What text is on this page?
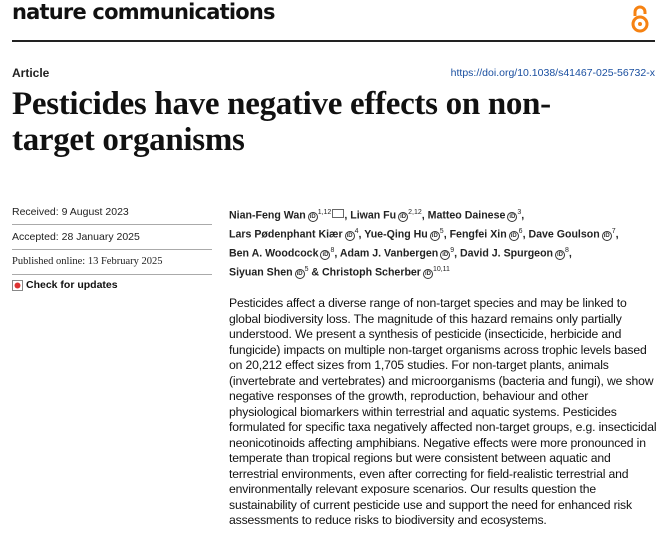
nature communications
Article	https://doi.org/10.1038/s41467-025-56732-x
Pesticides have negative effects on non-target organisms
Received: 9 August 2023
Accepted: 28 January 2025
Published online: 13 February 2025
Check for updates
Nian-Feng Wan iD$^{1,12}$ , Liwan Fu iD$^{2,12}$, Matteo Dainese $iD^3$,
Lars Pødenphant Kiær $iD^4$, Yue-Qing Hu $iD^5$, Fengfei Xin $iD^6$, Dave Goulson $iD^7$,
Ben A. Woodcock $iD^8$, Adam J. Vanbergen $iD^9$, David J. Spurgeon $iD^8$,
Siyuan Shen $iD^5$ & Christoph Scherber iD$^{10,11}$

Pesticides affect a diverse range of non-target species and may be linked to global biodiversity loss. The magnitude of this hazard remains only partially understood. We present a synthesis of pesticide (insecticide, herbicide and fungicide) impacts on multiple non-target organisms across trophic levels based on 20,212 effect sizes from 1,705 studies. For non-target plants, animals (invertebrate and vertebrates) and microorganisms (bacteria and fungi), we show negative responses of the growth, reproduction, behaviour and other physiological biomarkers within terrestrial and aquatic systems. Pesticides formulated for specific taxa negatively affected non-target groups, e.g. insecticidal neonicotinoids affecting amphibians. Negative effects were more pronounced in temperate than tropical regions but were consistent between aquatic and terrestrial environments, even after correcting for field-realistic terrestrial and environmentally relevant exposure scenarios. Our results question the sustainability of current pesticide use and support the need for enhanced risk assessments to reduce risks to biodiversity and ecosystems.
